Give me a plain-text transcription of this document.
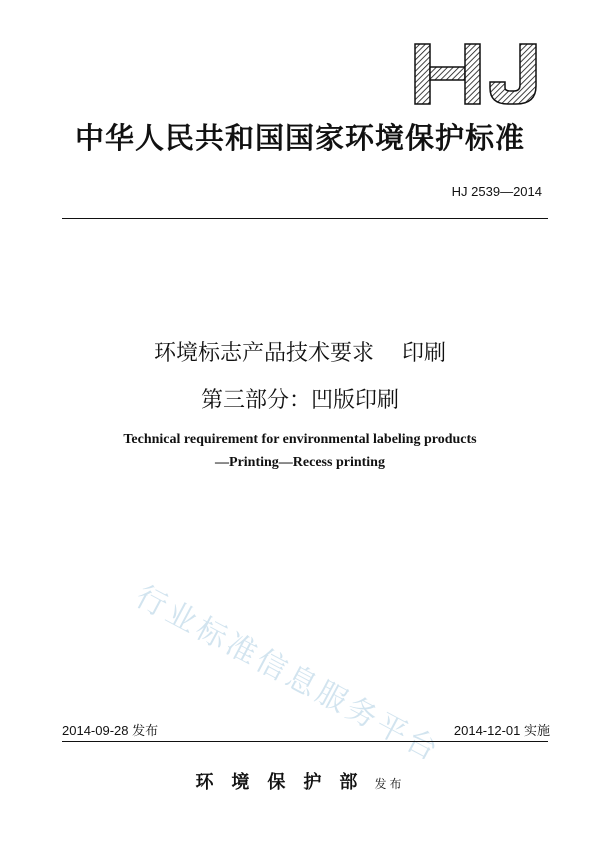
中华人民共和国国家环境保护标准
HJ 2539—2014
环境标志产品技术要求    印刷
第三部分：凹版印刷
Technical requirement for environmental labeling products
—Printing—Recess printing
行业标准信息服务平台
2014-09-28 发布	2014-12-01 实施
环境保护部 发布
